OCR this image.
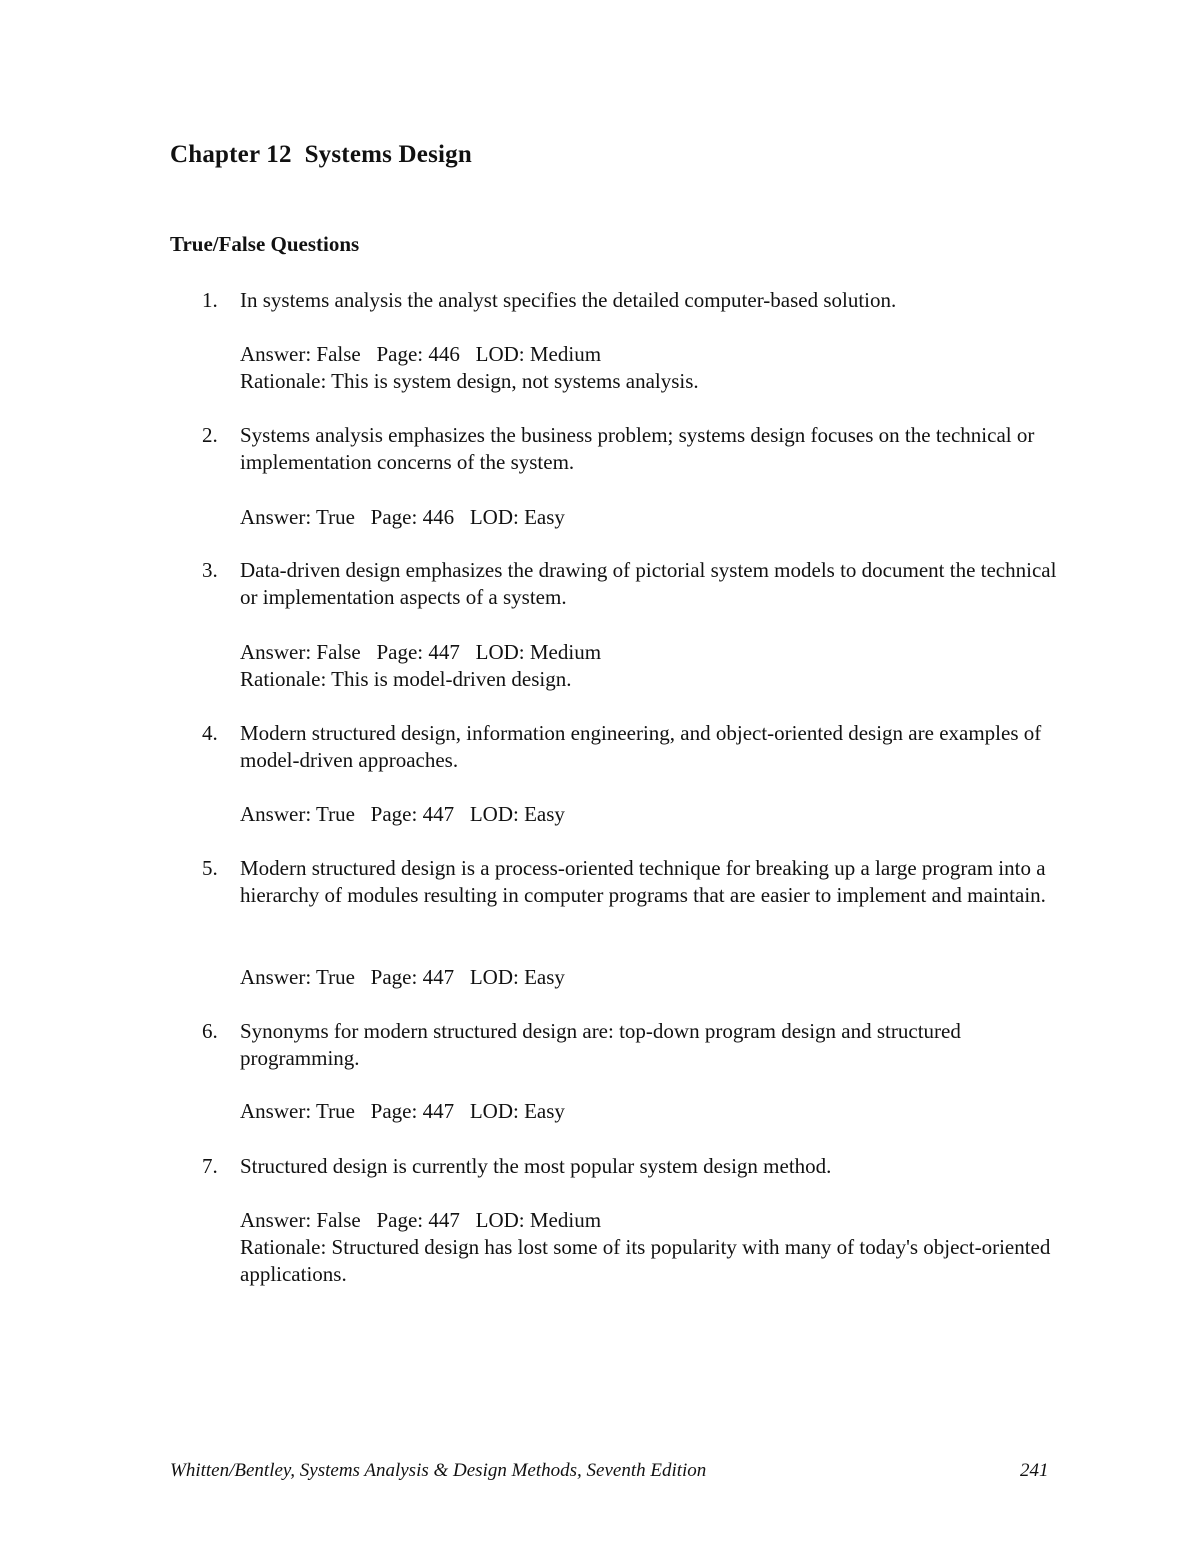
Chapter 12  Systems Design
True/False Questions
1. In systems analysis the analyst specifies the detailed computer-based solution.
Answer: False   Page: 446   LOD: Medium
Rationale: This is system design, not systems analysis.
2. Systems analysis emphasizes the business problem; systems design focuses on the technical or implementation concerns of the system.
Answer: True   Page: 446   LOD: Easy
3. Data-driven design emphasizes the drawing of pictorial system models to document the technical or implementation aspects of a system.
Answer: False   Page: 447   LOD: Medium
Rationale: This is model-driven design.
4. Modern structured design, information engineering, and object-oriented design are examples of model-driven approaches.
Answer: True   Page: 447   LOD: Easy
5. Modern structured design is a process-oriented technique for breaking up a large program into a hierarchy of modules resulting in computer programs that are easier to implement and maintain.
Answer: True   Page: 447   LOD: Easy
6. Synonyms for modern structured design are: top-down program design and structured programming.
Answer: True   Page: 447   LOD: Easy
7. Structured design is currently the most popular system design method.
Answer: False   Page: 447   LOD: Medium
Rationale: Structured design has lost some of its popularity with many of today's object-oriented applications.
Whitten/Bentley, Systems Analysis & Design Methods, Seventh Edition	241
